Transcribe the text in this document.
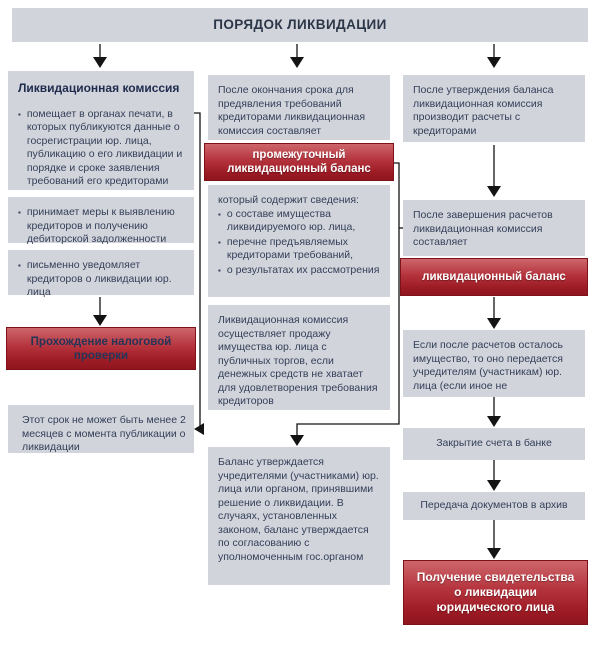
ПОРЯДОК ЛИКВИДАЦИИ
Ликвидационная комиссия
▪ помещает в органах печати, в которых публикуются данные о госрегистрации юр. лица, публикацию о его ликвидации и порядке и сроке заявления требований его кредиторами
▪ принимает меры к выявлению кредиторов и получению дебиторской задолженности
▪ письменно уведомляет кредиторов о ликвидации юр. лица
Прохождение налоговой проверки
Этот срок не может быть менее 2 месяцев с момента публикации о ликвидации
После окончания срока для предявления требований кредиторами ликвидационная комиссия составляет
промежуточный ликвидационный баланс
который содержит сведения:
▪ о составе имущества ликвидируемого юр. лица,
▪ перечне предъявляемых кредиторами требований,
▪ о результатах их рассмотрения
Ликвидационная комиссия осуществляет продажу имущества юр. лица с публичных торгов, если денежных средств не хватает для удовлетворения требования кредиторов
Баланс утверждается учредителями (участниками) юр. лица или органом, принявшими решение о ликвидации. В случаях, установленных законом, баланс утверждается по согласованию с уполномоченным гос.органом
После утверждения баланса ликвидационная комиссия производит расчеты с кредиторами
После завершения расчетов ликвидационная комиссия составляет
ликвидационный баланс
Если после расчетов осталось имущество, то оно передается учредителям (участникам) юр. лица (если иное не
Закрытие счета в банке
Передача документов в архив
Получение свидетельства о ликвидации юридического лица
